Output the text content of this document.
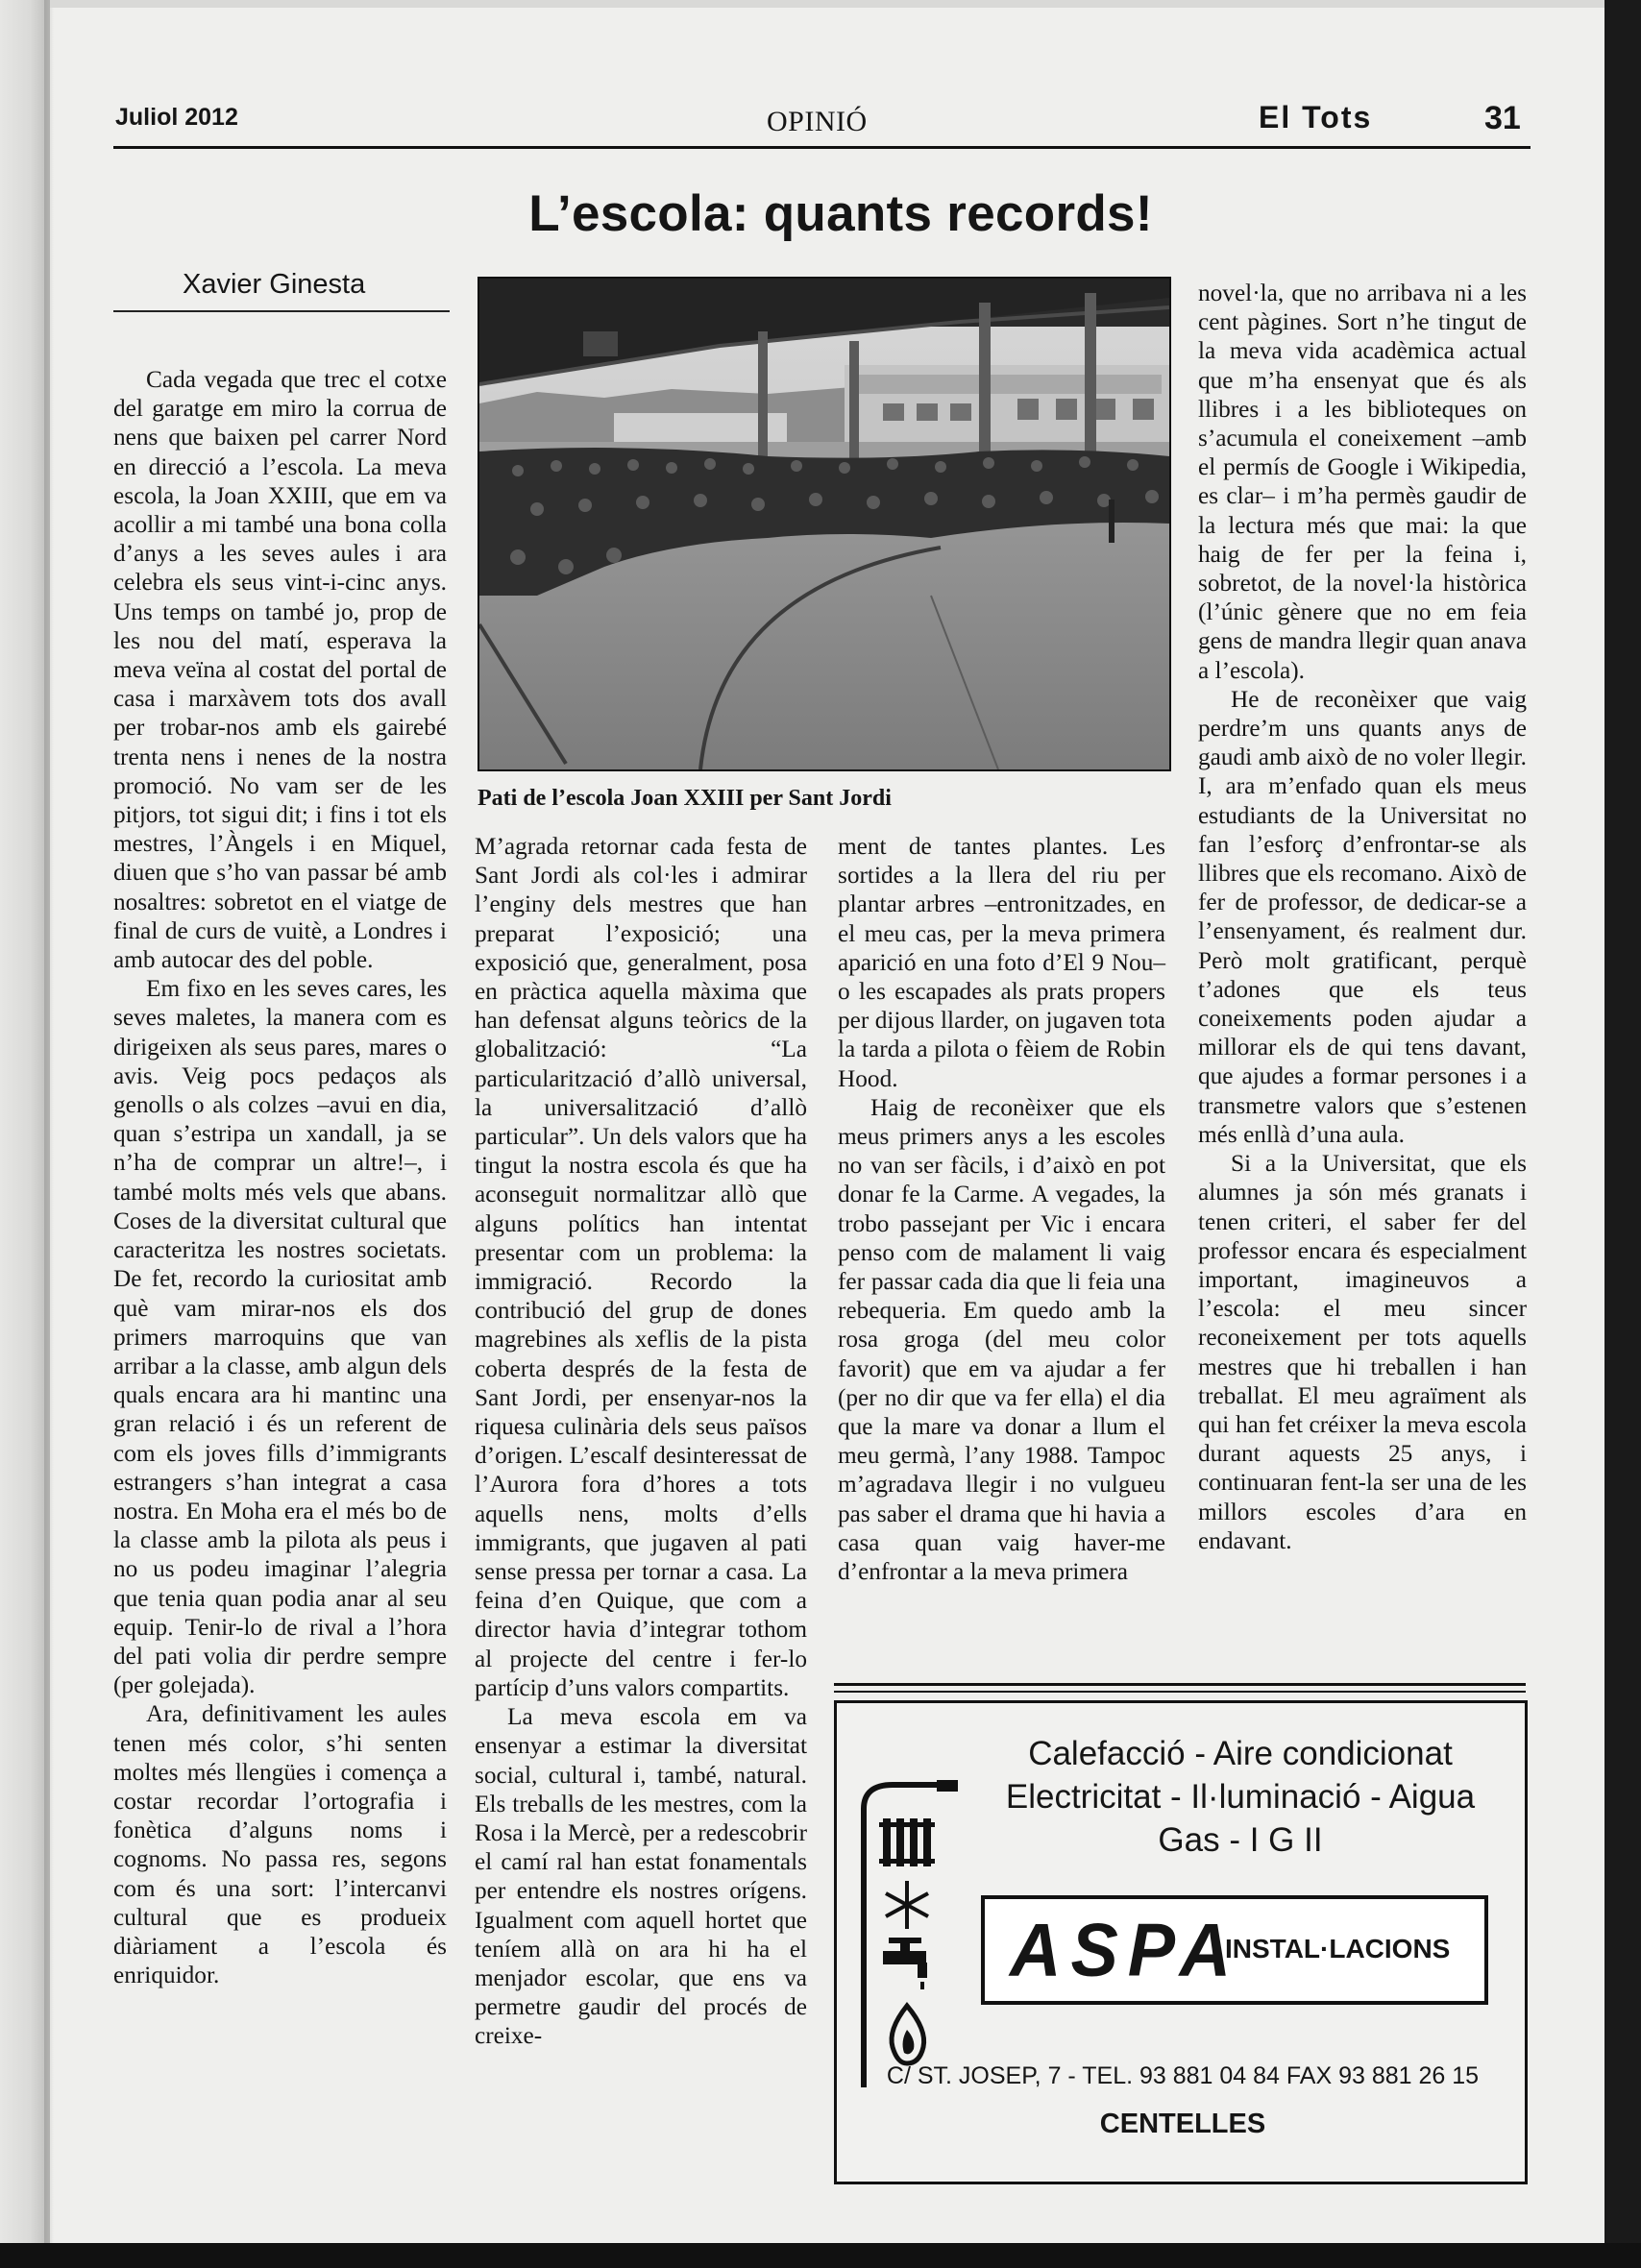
Juliol 2012	OPINIÓ	El Tots	31
L’escola: quants records!
Xavier Ginesta

Cada vegada que trec el cotxe del garatge em miro la corrua de nens que baixen pel carrer Nord en direcció a l’escola. La meva escola, la Joan XXIII, que em va acollir a mi també una bona colla d’anys a les seves aules i ara celebra els seus vint-i-cinc anys. Uns temps on també jo, prop de les nou del matí, esperava la meva veïna al costat del portal de casa i marxàvem tots dos avall per trobar-nos amb els gairebé trenta nens i nenes de la nostra promoció. No vam ser de les pitjors, tot sigui dit; i fins i tot els mestres, l’Àngels i en Miquel, diuen que s’ho van passar bé amb nosaltres: sobretot en el viatge de final de curs de vuitè, a Londres i amb autocar des del poble.

Em fixo en les seves cares, les seves maletes, la manera com es dirigeixen als seus pares, mares o avis. Veig pocs pedaços als genolls o als colzes –avui en dia, quan s’estripa un xandall, ja se n’ha de comprar un altre!–, i també molts més vels que abans. Coses de la diversitat cultural que caracteritza les nostres societats. De fet, recordo la curiositat amb què vam mirar-nos els dos primers marroquins que van arribar a la classe, amb algun dels quals encara ara hi mantinc una gran relació i és un referent de com els joves fills d’immigrants estrangers s’han integrat a casa nostra. En Moha era el més bo de la classe amb la pilota als peus i no us podeu imaginar l’alegria que tenia quan podia anar al seu equip. Tenir-lo de rival a l’hora del pati volia dir perdre sempre (per golejada).

Ara, definitivament les aules tenen més color, s’hi senten moltes més llengües i comença a costar recordar l’ortografia i fonètica d’alguns noms i cognoms. No passa res, segons com és una sort: l’intercanvi cultural que es produeix diàriament a l’escola és enriquidor.

Pati de l’escola Joan XXIII per Sant Jordi

M’agrada retornar cada festa de Sant Jordi als col·les i admirar l’enginy dels mestres que han preparat l’exposició; una exposició que, generalment, posa en pràctica aquella màxima que han defensat alguns teòrics de la globalització: “La particularització d’allò universal, la universalització d’allò particular”. Un dels valors que ha tingut la nostra escola és que ha aconseguit normalitzar allò que alguns polítics han intentat presentar com un problema: la immigració. Recordo la contribució del grup de dones magrebines als xeflis de la pista coberta després de la festa de Sant Jordi, per ensenyar-nos la riquesa culinària dels seus països d’origen. L’escalf desinteressat de l’Aurora fora d’hores a tots aquells nens, molts d’ells immigrants, que jugaven al pati sense pressa per tornar a casa. La feina d’en Quique, que com a director havia d’integrar tothom al projecte del centre i fer-lo partícip d’uns valors compartits.

La meva escola em va ensenyar a estimar la diversitat social, cultural i, també, natural. Els treballs de les mestres, com la Rosa i la Mercè, per a redescobrir el camí ral han estat fonamentals per entendre els nostres orígens. Igualment com aquell hortet que teníem allà on ara hi ha el menjador escolar, que ens va permetre gaudir del procés de creixe-

ment de tantes plantes. Les sortides a la llera del riu per plantar arbres –entronitzades, en el meu cas, per la meva primera aparició en una foto d’El 9 Nou– o les escapades als prats propers per dijous llarder, on jugaven tota la tarda a pilota o fèiem de Robin Hood.

Haig de reconèixer que els meus primers anys a les escoles no van ser fàcils, i d’això en pot donar fe la Carme. A vegades, la trobo passejant per Vic i encara penso com de malament li vaig fer passar cada dia que li feia una rebequeria. Em quedo amb la rosa groga (del meu color favorit) que em va ajudar a fer (per no dir que va fer ella) el dia que la mare va donar a llum el meu germà, l’any 1988. Tampoc m’agradava llegir i no vulgueu pas saber el drama que hi havia a casa quan vaig haver-me d’enfrontar a la meva primera

novel·la, que no arribava ni a les cent pàgines. Sort n’he tingut de la meva vida acadèmica actual que m’ha ensenyat que és als llibres i a les biblioteques on s’acumula el coneixement –amb el permís de Google i Wikipedia, es clar– i m’ha permès gaudir de la lectura més que mai: la que haig de fer per la feina i, sobretot, de la novel·la històrica (l’únic gènere que no em feia gens de mandra llegir quan anava a l’escola).

He de reconèixer que vaig perdre’m uns quants anys de gaudi amb això de no voler llegir. I, ara m’enfado quan els meus estudiants de la Universitat no fan l’esforç d’enfrontar-se als llibres que els recomano. Això de fer de professor, de dedicar-se a l’ensenyament, és realment dur. Però molt gratificant, perquè t’adones que els teus coneixements poden ajudar a millorar els de qui tens davant, que ajudes a formar persones i a transmetre valors que s’estenen més enllà d’una aula.

Si a la Universitat, que els alumnes ja són més granats i tenen criteri, el saber fer del professor encara és especialment important, imagineuvos a l’escola: el meu sincer reconeixement per tots aquells mestres que hi treballen i han treballat. El meu agraïment als qui han fet créixer la meva escola durant aquests 25 anys, i continuaran fent-la ser una de les millors escoles d’ara en endavant.

Calefacció - Aire condicionat
Electricitat - Il·luminació - Aigua
Gas - I G II
ASPA
INSTAL·LACIONS
C/ ST. JOSEP, 7 - TEL. 93 881 04 84 FAX 93 881 26 15
CENTELLES
